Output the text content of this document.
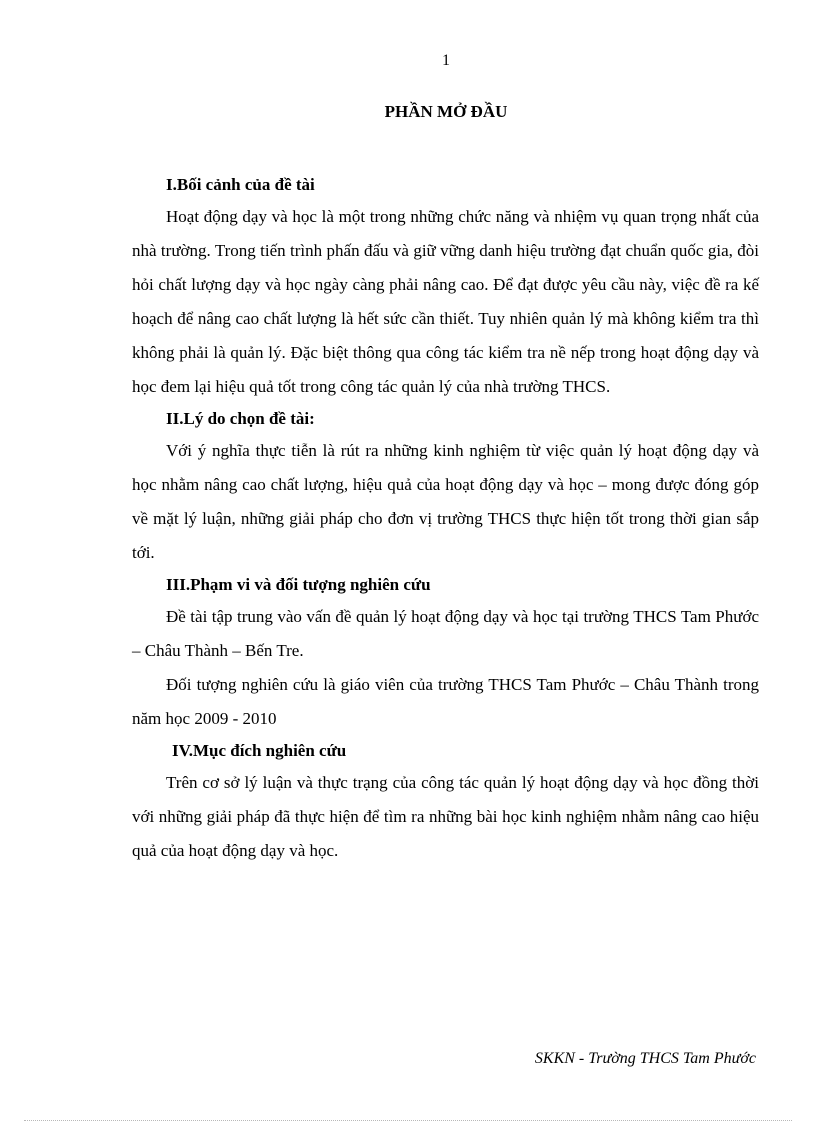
1
PHẦN MỞ ĐẦU
I.Bối cảnh của đề tài

Hoạt động dạy và học là một trong những chức năng và nhiệm vụ quan trọng nhất của nhà trường. Trong tiến trình phấn đấu và giữ vững danh hiệu trường đạt chuẩn quốc gia, đòi hỏi chất lượng dạy và học ngày càng phải nâng cao. Để đạt được yêu cầu này, việc đề ra kế hoạch để nâng cao chất lượng là hết sức cần thiết. Tuy nhiên quản lý mà không kiểm tra thì không phải là quản lý. Đặc biệt thông qua công tác kiểm tra nề nếp trong hoạt động dạy và học đem lại hiệu quả tốt trong công tác quản lý của nhà trường THCS.

II.Lý do chọn đề tài:

Với ý nghĩa thực tiễn là rút ra những kinh nghiệm từ việc quản lý hoạt động dạy và học nhằm nâng cao chất lượng, hiệu quả của hoạt động dạy và học – mong được đóng góp về mặt lý luận, những giải pháp cho đơn vị trường THCS thực hiện tốt trong thời gian sắp tới.

III.Phạm vi và đối tượng nghiên cứu

Đề tài tập trung vào vấn đề quản lý hoạt động dạy và học tại trường THCS Tam Phước – Châu Thành – Bến Tre.

Đối tượng nghiên cứu là giáo viên của trường THCS Tam Phước – Châu Thành trong năm học 2009 - 2010

IV.Mục đích nghiên cứu

Trên cơ sở lý luận và thực trạng của công tác quản lý hoạt động dạy và học đồng thời với những giải pháp đã thực hiện để tìm ra những bài học kinh nghiệm nhằm nâng cao hiệu quả của hoạt động dạy và học.

SKKN - Trường THCS Tam Phước
